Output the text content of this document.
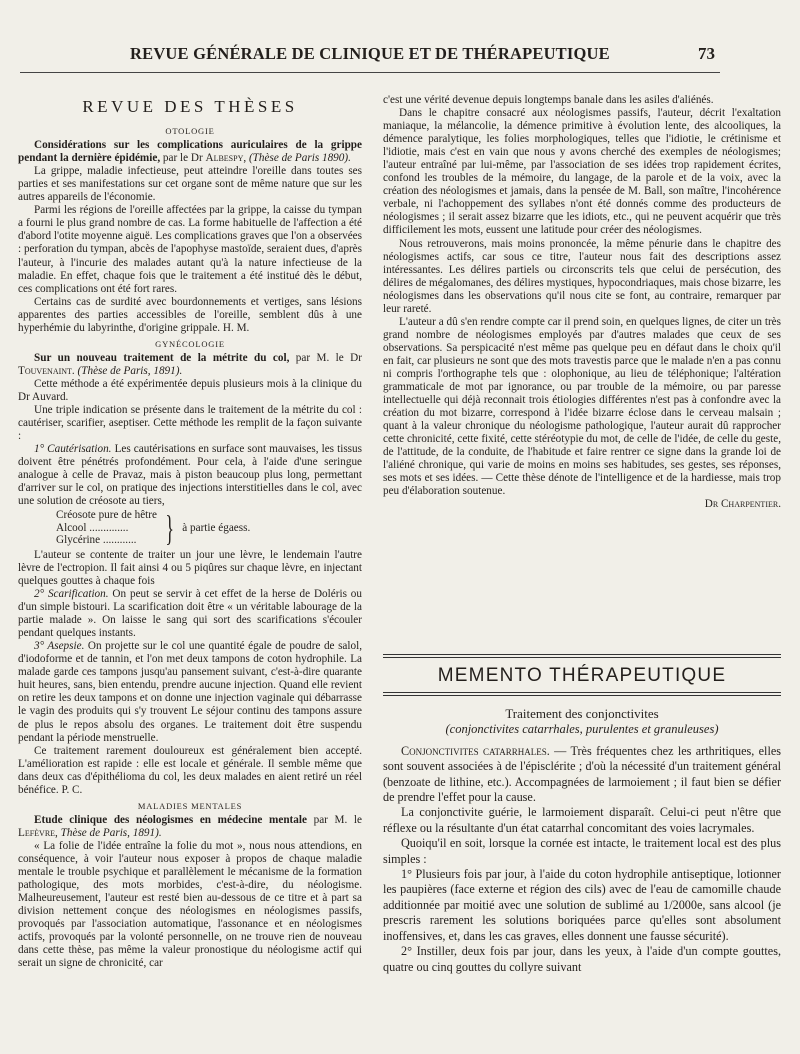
REVUE GÉNÉRALE DE CLINIQUE ET DE THÉRAPEUTIQUE	73
REVUE DES THÈSES
OTOLOGIE

Considérations sur les complications auriculaires de la grippe pendant la dernière épidémie, par le Dr Albespy, (Thèse de Paris 1890).

La grippe, maladie infectieuse, peut atteindre l'oreille dans toutes ses parties et ses manifestations sur cet organe sont de même nature que sur les autres appareils de l'économie.

Parmi les régions de l'oreille affectées par la grippe, la caisse du tympan a fourni le plus grand nombre de cas. La forme habituelle de l'affection a été d'abord l'otite moyenne aiguë. Les complications graves que l'on a observées : perforation du tympan, abcès de l'apophyse mastoïde, seraient dues, d'après l'auteur, à l'incurie des malades autant qu'à la nature infectieuse de la maladie. En effet, chaque fois que le traitement a été institué dès le début, ces complications ont été fort rares.

Certains cas de surdité avec bourdonnements et vertiges, sans lésions apparentes des parties accessibles de l'oreille, semblent dûs à une hyperhémie du labyrinthe, d'origine grippale. H. M.

GYNÉCOLOGIE

Sur un nouveau traitement de la métrite du col, par M. le Dr Touvenaint. (Thèse de Paris, 1891).

Cette méthode a été expérimentée depuis plusieurs mois à la clinique du Dr Auvard.

Une triple indication se présente dans le traitement de la métrite du col : cautériser, scarifier, aseptiser. Cette méthode les remplit de la façon suivante :

1° Cautérisation. Les cautérisations en surface sont mauvaises, les tissus doivent être pénétrés profondément. Pour cela, à l'aide d'une seringue analogue à celle de Pravaz, mais à piston beaucoup plus long, permettant d'arriver sur le col, on pratique des injections interstitielles dans le col, avec une solution de créosote au tiers,

Créosote pure de hêtre
Alcool ..............
Glycérine ............ } à partie égaess.

L'auteur se contente de traiter un jour une lèvre, le lendemain l'autre lèvre de l'ectropion. Il fait ainsi 4 ou 5 piqûres sur chaque lèvre, en injectant quelques gouttes à chaque fois

2° Scarification. On peut se servir à cet effet de la herse de Doléris ou d'un simple bistouri. La scarification doit être « un véritable labourage de la partie malade ». On laisse le sang qui sort des scarifications s'écouler pendant quelques instants.

3° Asepsie. On projette sur le col une quantité égale de poudre de salol, d'iodoforme et de tannin, et l'on met deux tampons de coton hydrophile. La malade garde ces tampons jusqu'au pansement suivant, c'est-à-dire quarante huit heures, sans, bien entendu, prendre aucune injection. Quand elle revient on retire les deux tampons et on donne une injection vaginale qui débarrasse le vagin des produits qui s'y trouvent Le séjour continu des tampons assure de plus le repos absolu des organes. Le traitement doit être suspendu pendant la période menstruelle.

Ce traitement rarement douloureux est généralement bien accepté. L'amélioration est rapide : elle est locale et générale. Il semble même que dans deux cas d'épithélioma du col, les deux malades en aient retiré un réel bénéfice. P. C.

MALADIES MENTALES

Etude clinique des néologismes en médecine mentale par M. le Lefèvre, Thèse de Paris, 1891).

« La folie de l'idée entraîne la folie du mot », nous nous attendions, en conséquence, à voir l'auteur nous exposer à propos de chaque maladie mentale le trouble psychique et parallèlement le mécanisme de la formation pathologique, des mots morbides, c'est-à-dire, du néologisme. Malheureusement, l'auteur est resté bien au-dessous de ce titre et à part sa division nettement conçue des néologismes en néologismes passifs, provoqués par l'association automatique, l'assonance et en néologismes actifs, provoqués par la volonté personnelle, on ne trouve rien de nouveau dans cette thèse, pas même la valeur pronostique du néologisme actif qui serait un signe de chronicité, car

c'est une vérité devenue depuis longtemps banale dans les asiles d'aliénés.

Dans le chapitre consacré aux néologismes passifs, l'auteur, décrit l'exaltation maniaque, la mélancolie, la démence primitive à évolution lente, des alcooliques, la démence paralytique, les folies morphologiques, telles que l'idiotie, le crétinisme et l'idiotie, mais c'est en vain que nous y avons cherché des exemples de néologismes; l'auteur entraîné par lui-même, par l'association de ses idées trop rapidement écrites, confond les troubles de la mémoire, du langage, de la parole et de la voix, avec la création des néologismes et jamais, dans la pensée de M. Ball, son maître, l'incohérence verbale, ni l'achoppement des syllabes n'ont été donnés comme des producteurs de néologismes ; il serait assez bizarre que les idiots, etc., qui ne peuvent acquérir que très difficilement les mots, eussent une latitude pour créer des néologismes.

Nous retrouverons, mais moins prononcée, la même pénurie dans le chapitre des néologismes actifs, car sous ce titre, l'auteur nous fait des descriptions assez intéressantes. Les délires partiels ou circonscrits tels que celui de persécution, des délires de mégalomanes, des délires mystiques, hypocondriaques, mais chose bizarre, les néologismes dans les observations qu'il nous cite se font, au contraire, remarquer par leur rareté.

L'auteur a dû s'en rendre compte car il prend soin, en quelques lignes, de citer un très grand nombre de néologismes employés par d'autres malades que ceux de ses observations. Sa perspicacité n'est même pas quelque peu en défaut dans le choix qu'il en fait, car plusieurs ne sont que des mots travestis parce que le malade n'en a pas connu ni compris l'orthographe tels que : olophonique, au lieu de téléphonique; l'altération grammaticale de mot par ignorance, ou par trouble de la mémoire, ou par paresse intellectuelle qui déjà reconnait trois étiologies différentes n'est pas à confondre avec la création du mot bizarre, correspond à l'idée bizarre éclose dans le cerveau malsain ; quant à la valeur chronique du néologisme pathologique, l'auteur aurait dû rapprocher cette chronicité, cette fixité, cette stéréotypie du mot, de celle de l'idée, de celle du geste, de l'attitude, de la conduite, de l'habitude et faire rentrer ce signe dans la grande loi de l'aliéné chronique, qui varie de moins en moins ses habitudes, ses gestes, ses réponses, ses mots et ses idées. — Cette thèse dénote de l'intelligence et de la hardiesse, mais trop peu d'élaboration soutenue.

Dr Charpentier.
MEMENTO THÉRAPEUTIQUE
Traitement des conjonctivites
(conjonctivites catarrhales, purulentes et granuleuses)

Conjonctivites catarrhales. — Très fréquentes chez les arthritiques, elles sont souvent associées à de l'épisclérite ; d'où la nécessité d'un traitement général (benzoate de lithine, etc.). Accompagnées de larmoiement ; il faut bien se défier de prendre l'effet pour la cause.

La conjonctivite guérie, le larmoiement disparaît. Celui-ci peut n'être que réflexe ou la résultante d'un état catarrhal concomitant des voies lacrymales.

Quoiqu'il en soit, lorsque la cornée est intacte, le traitement local est des plus simples :

1° Plusieurs fois par jour, à l'aide du coton hydrophile antiseptique, lotionner les paupières (face externe et région des cils) avec de l'eau de camomille chaude additionnée par moitié avec une solution de sublimé au 1/2000e, sans alcool (je prescris rarement les solutions boriquées parce qu'elles sont absolument inoffensives, et, dans les cas graves, elles donnent une fausse sécurité).

2° Instiller, deux fois par jour, dans les yeux, à l'aide d'un compte gouttes, quatre ou cinq gouttes du collyre suivant
